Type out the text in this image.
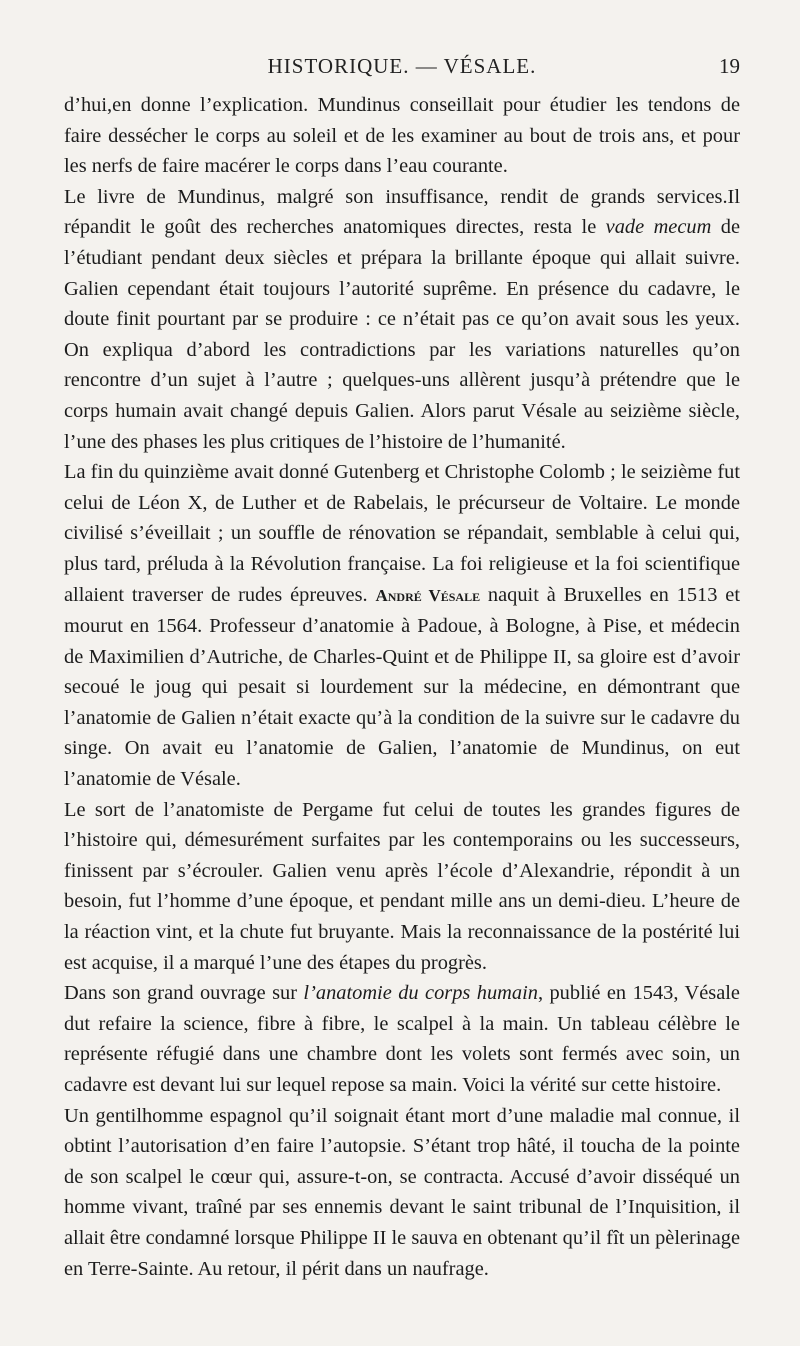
HISTORIQUE. — VÉSALE.	19

d’hui,en donne l’explication. Mundinus conseillait pour étudier les tendons de faire dessécher le corps au soleil et de les examiner au bout de trois ans, et pour les nerfs de faire macérer le corps dans l’eau courante.

Le livre de Mundinus, malgré son insuffisance, rendit de grands services.Il répandit le goût des recherches anatomiques directes, resta le vade mecum de l’étudiant pendant deux siècles et prépara la brillante époque qui allait suivre. Galien cependant était toujours l’autorité suprême. En présence du cadavre, le doute finit pourtant par se produire : ce n’était pas ce qu’on avait sous les yeux. On expliqua d’abord les contradictions par les variations naturelles qu’on rencontre d’un sujet à l’autre ; quelques-uns allèrent jusqu’à prétendre que le corps humain avait changé depuis Galien. Alors parut Vésale au seizième siècle, l’une des phases les plus critiques de l’histoire de l’humanité.

La fin du quinzième avait donné Gutenberg et Christophe Colomb ; le seizième fut celui de Léon X, de Luther et de Rabelais, le précurseur de Voltaire. Le monde civilisé s’éveillait ; un souffle de rénovation se répandait, semblable à celui qui, plus tard, préluda à la Révolution française. La foi religieuse et la foi scientifique allaient traverser de rudes épreuves. André Vésale naquit à Bruxelles en 1513 et mourut en 1564. Professeur d’anatomie à Padoue, à Bologne, à Pise, et médecin de Maximilien d’Autriche, de Charles-Quint et de Philippe II, sa gloire est d’avoir secoué le joug qui pesait si lourdement sur la médecine, en démontrant que l’anatomie de Galien n’était exacte qu’à la condition de la suivre sur le cadavre du singe. On avait eu l’anatomie de Galien, l’anatomie de Mundinus, on eut l’anatomie de Vésale.

Le sort de l’anatomiste de Pergame fut celui de toutes les grandes figures de l’histoire qui, démesurément surfaites par les contemporains ou les successeurs, finissent par s’écrouler. Galien venu après l’école d’Alexandrie, répondit à un besoin, fut l’homme d’une époque, et pendant mille ans un demi-dieu. L’heure de la réaction vint, et la chute fut bruyante. Mais la reconnaissance de la postérité lui est acquise, il a marqué l’une des étapes du progrès.

Dans son grand ouvrage sur l’anatomie du corps humain, publié en 1543, Vésale dut refaire la science, fibre à fibre, le scalpel à la main. Un tableau célèbre le représente réfugié dans une chambre dont les volets sont fermés avec soin, un cadavre est devant lui sur lequel repose sa main. Voici la vérité sur cette histoire.

Un gentilhomme espagnol qu’il soignait étant mort d’une maladie mal connue, il obtint l’autorisation d’en faire l’autopsie. S’étant trop hâté, il toucha de la pointe de son scalpel le cœur qui, assure-t-on, se contracta. Accusé d’avoir disséqué un homme vivant, traîné par ses ennemis devant le saint tribunal de l’Inquisition, il allait être condamné lorsque Philippe II le sauva en obtenant qu’il fît un pèlerinage en Terre-Sainte. Au retour, il périt dans un naufrage.
